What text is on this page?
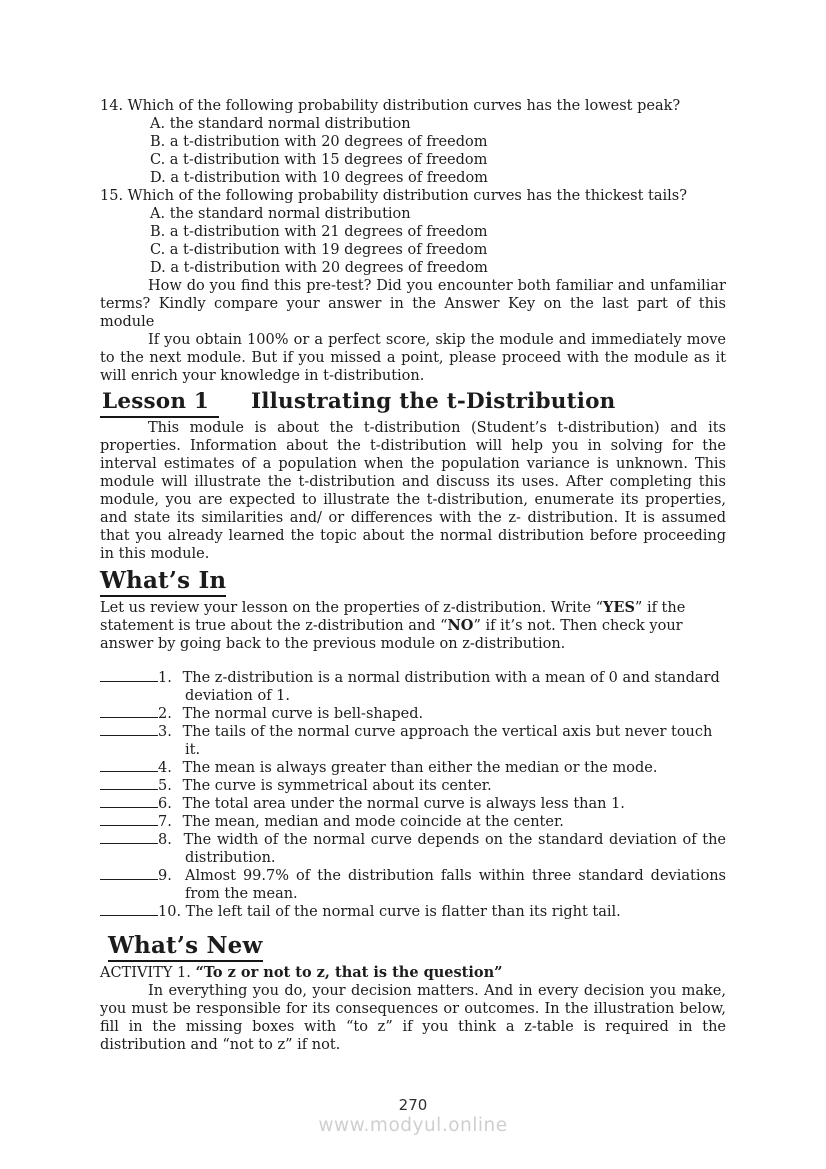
14. Which of the following probability distribution curves has the lowest peak?
A. the standard normal distribution
B. a t-distribution with 20 degrees of freedom
C. a t-distribution with 15 degrees of freedom
D. a t-distribution with 10 degrees of freedom
15. Which of the following probability distribution curves has the thickest tails?
A. the standard normal distribution
B. a t-distribution with 21 degrees of freedom
C. a t-distribution with 19 degrees of freedom
D. a t-distribution with 20 degrees of freedom

How do you find this pre-test? Did you encounter both familiar and unfamiliar terms? Kindly compare your answer in the Answer Key on the last part of this module

If you obtain 100% or a perfect score, skip the module and immediately move to the next module. But if you missed a point, please proceed with the module as it will enrich your knowledge in t-distribution.

Lesson 1 Illustrating the t-Distribution

This module is about the t-distribution (Student’s t-distribution) and its properties. Information about the t-distribution will help you in solving for the interval estimates of a population when the population variance is unknown. This module will illustrate the t-distribution and discuss its uses. After completing this module, you are expected to illustrate the t-distribution, enumerate its properties, and state its similarities and/ or differences with the z- distribution. It is assumed that you already learned the topic about the normal distribution before proceeding in this module.

What’s In

Let us review your lesson on the properties of z-distribution. Write “YES” if the statement is true about the z-distribution and “NO” if it’s not. Then check your answer by going back to the previous module on z-distribution.

1. The z-distribution is a normal distribution with a mean of 0 and standard deviation of 1.
2. The normal curve is bell-shaped.
3. The tails of the normal curve approach the vertical axis but never touch it.
4. The mean is always greater than either the median or the mode.
5. The curve is symmetrical about its center.
6. The total area under the normal curve is always less than 1.
7. The mean, median and mode coincide at the center.
8. The width of the normal curve depends on the standard deviation of the distribution.
9. Almost 99.7% of the distribution falls within three standard deviations from the mean.
10. The left tail of the normal curve is flatter than its right tail.
What’s New

ACTIVITY 1. “To z or not to z, that is the question”

In everything you do, your decision matters. And in every decision you make, you must be responsible for its consequences or outcomes. In the illustration below, fill in the missing boxes with “to z” if you think a z-table is required in the distribution and “not to z” if not.

270
www.modyul.online
